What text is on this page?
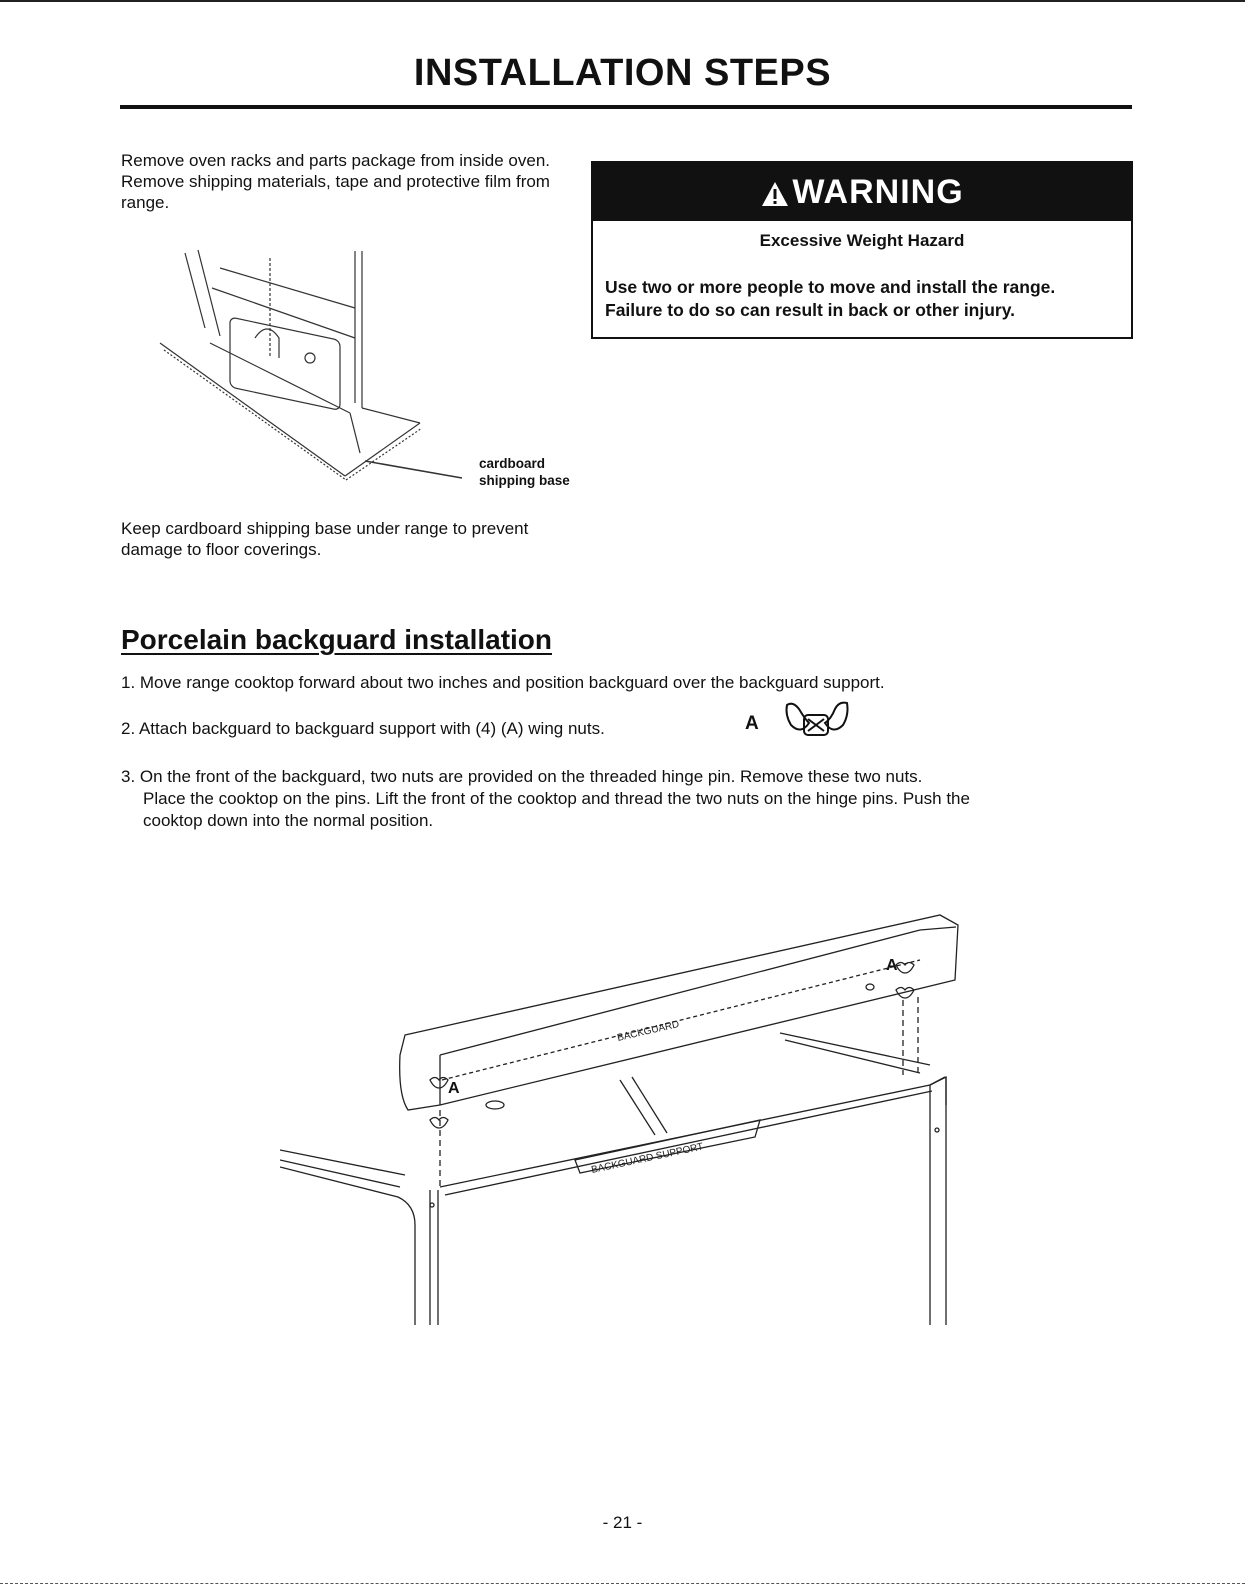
INSTALLATION STEPS
Remove oven racks and parts package from inside oven. Remove shipping materials, tape and protective film from range.	WARNING
Excessive Weight Hazard
Use two or more people to move and install the range.
Failure to do so can result in back or other injury.
cardboard
shipping base
Keep cardboard shipping base under range to prevent damage to floor coverings.
Porcelain backguard installation
1. Move range cooktop forward about two inches and position backguard over the backguard support.
2. Attach backguard to backguard support with (4) (A) wing nuts.	A
3. On the front of the backguard, two nuts are provided on the threaded hinge pin. Remove these two nuts.
Place the cooktop on the pins. Lift the front of the cooktop and thread the two nuts on the hinge pins. Push the
cooktop down into the normal position.
BACKGUARD
BACKGUARD SUPPORT
A
A
- 21 -
